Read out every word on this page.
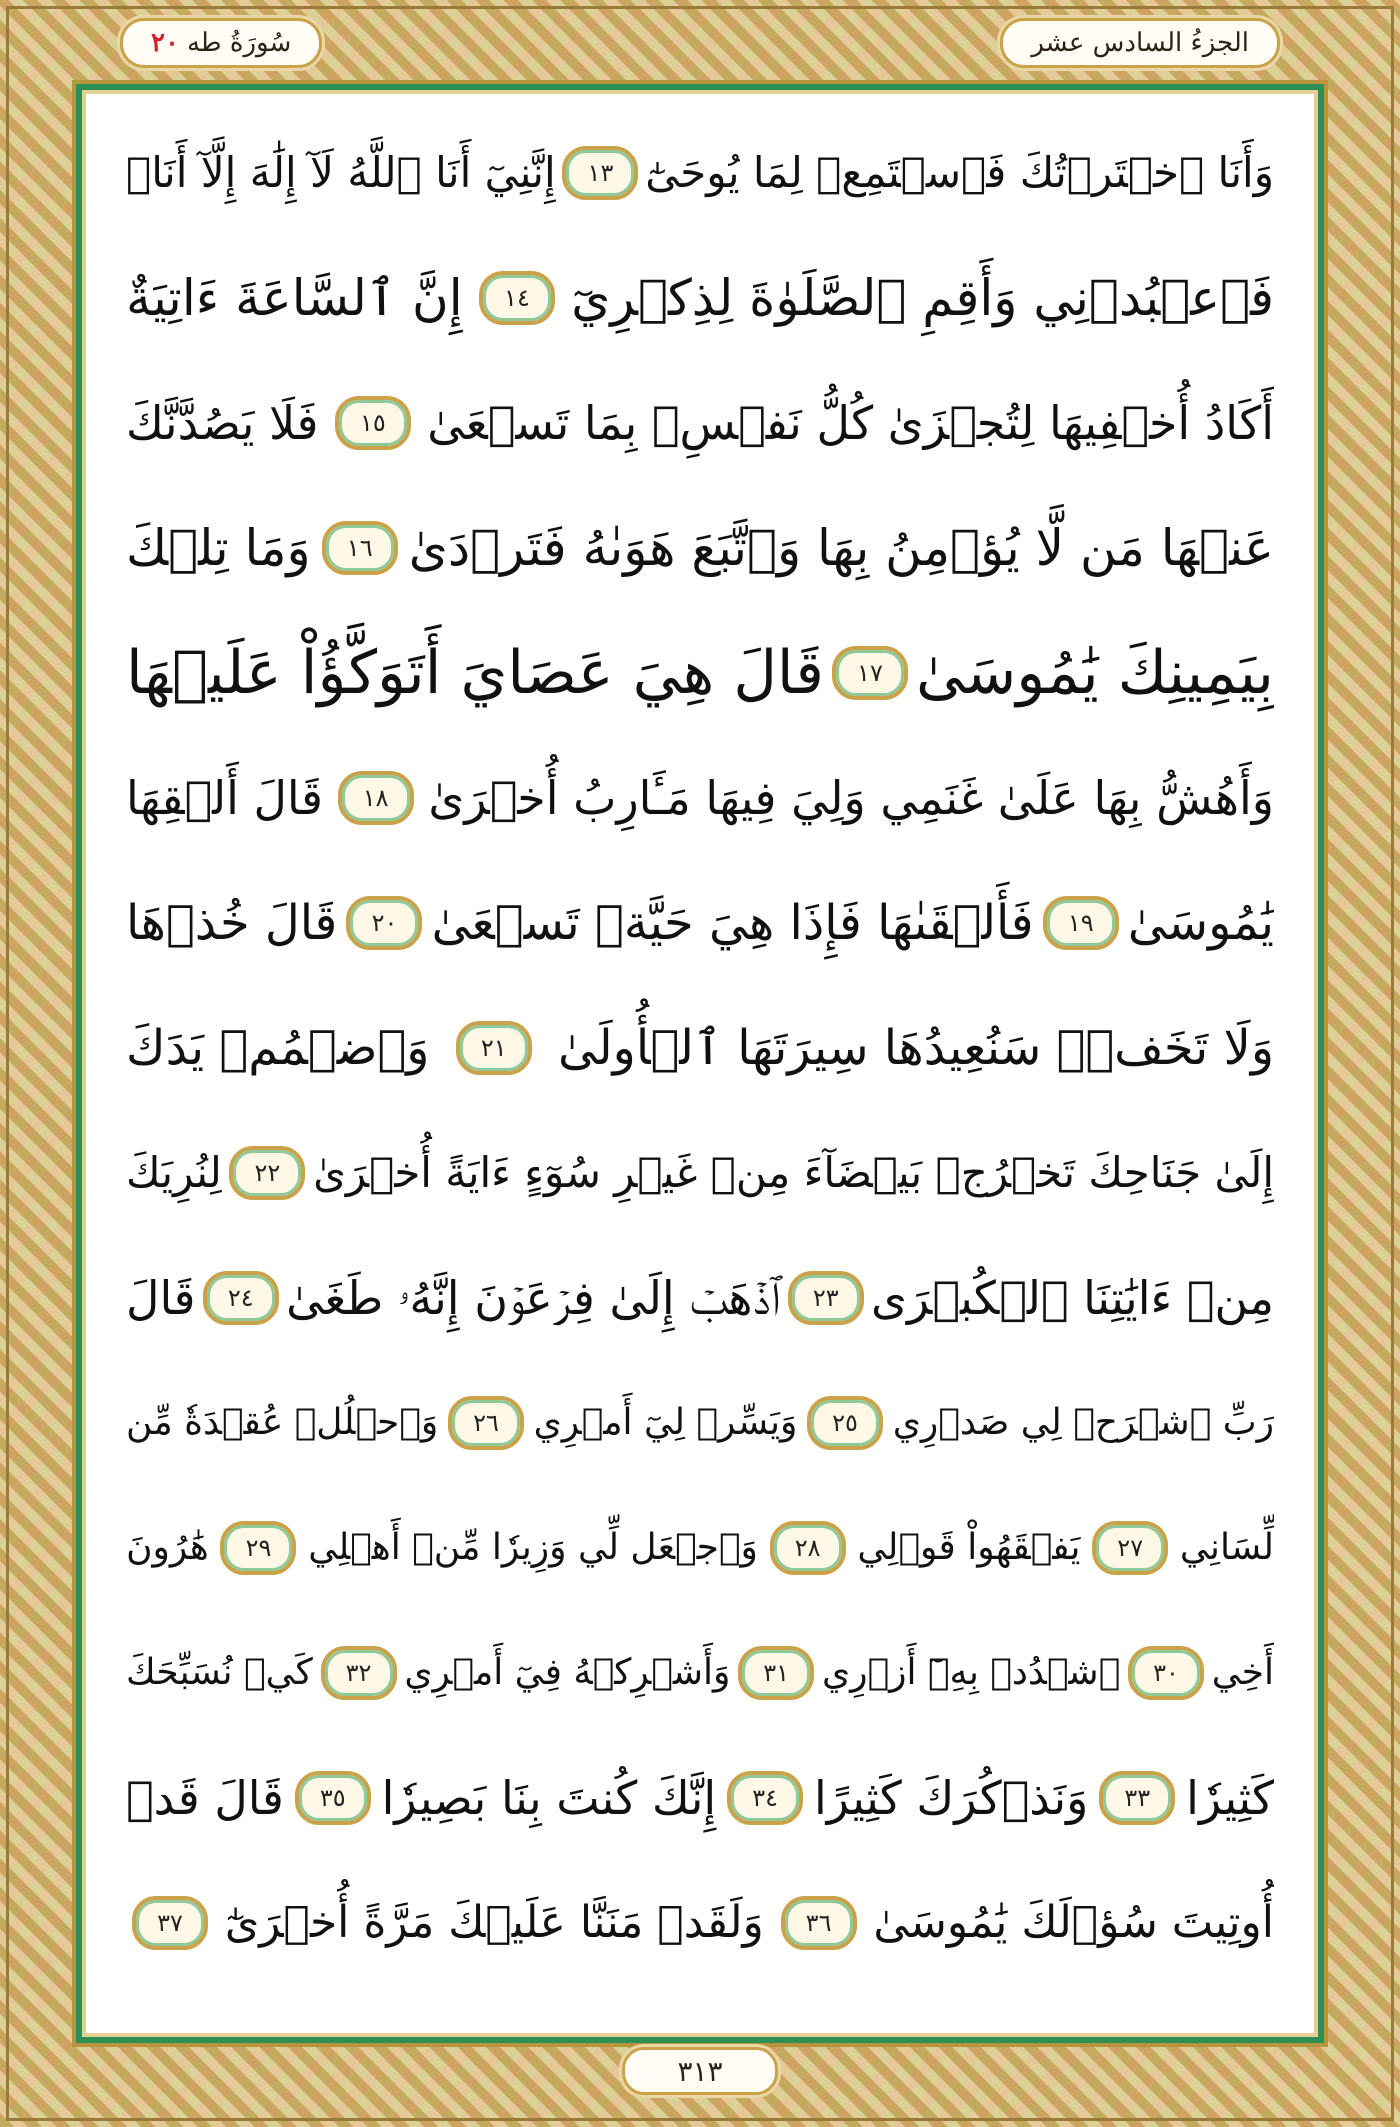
الجزءُ السادس عشر
سُورَةُ طه
٢٠
وَأَنَا ٱخۡتَرۡتُكَ فَٱسۡتَمِعۡ لِمَا يُوحَىٰٓ
١٣
إِنَّنِيٓ أَنَا ٱللَّهُ لَآ إِلَٰهَ إِلَّآ أَنَا۠
فَٱعۡبُدۡنِي وَأَقِمِ ٱلصَّلَوٰةَ لِذِكۡرِيٓ
١٤
إِنَّ ٱلسَّاعَةَ ءَاتِيَةٌ
أَكَادُ أُخۡفِيهَا لِتُجۡزَىٰ كُلُّ نَفۡسِۭ بِمَا تَسۡعَىٰ
١٥
فَلَا يَصُدَّنَّكَ
عَنۡهَا مَن لَّا يُؤۡمِنُ بِهَا وَٱتَّبَعَ هَوَىٰهُ فَتَرۡدَىٰ
١٦
وَمَا تِلۡكَ
بِيَمِينِكَ يَٰمُوسَىٰ
١٧
قَالَ هِيَ عَصَايَ أَتَوَكَّؤُاْ عَلَيۡهَا
وَأَهُشُّ بِهَا عَلَىٰ غَنَمِي وَلِيَ فِيهَا مَـَٔارِبُ أُخۡرَىٰ
١٨
قَالَ أَلۡقِهَا
يَٰمُوسَىٰ
١٩
فَأَلۡقَىٰهَا فَإِذَا هِيَ حَيَّةٞ تَسۡعَىٰ
٢٠
قَالَ خُذۡهَا
وَلَا تَخَفۡۖ سَنُعِيدُهَا سِيرَتَهَا ٱلۡأُولَىٰ
٢١
وَٱضۡمُمۡ يَدَكَ
إِلَىٰ جَنَاحِكَ تَخۡرُجۡ بَيۡضَآءَ مِنۡ غَيۡرِ سُوٓءٍ ءَايَةً أُخۡرَىٰ
٢٢
لِنُرِيَكَ
مِنۡ ءَايَٰتِنَا ٱلۡكُبۡرَى
٢٣
ٱذۡهَبۡ إِلَىٰ فِرۡعَوۡنَ إِنَّهُۥ طَغَىٰ
٢٤
قَالَ
رَبِّ ٱشۡرَحۡ لِي صَدۡرِي
٢٥
وَيَسِّرۡ لِيٓ أَمۡرِي
٢٦
وَٱحۡلُلۡ عُقۡدَةٗ مِّن
لِّسَانِي
٢٧
يَفۡقَهُواْ قَوۡلِي
٢٨
وَٱجۡعَل لِّي وَزِيرٗا مِّنۡ أَهۡلِي
٢٩
هَٰرُونَ
أَخِي
٣٠
ٱشۡدُدۡ بِهِۦٓ أَزۡرِي
٣١
وَأَشۡرِكۡهُ فِيٓ أَمۡرِي
٣٢
كَيۡ نُسَبِّحَكَ
كَثِيرٗا
٣٣
وَنَذۡكُرَكَ كَثِيرًا
٣٤
إِنَّكَ كُنتَ بِنَا بَصِيرٗا
٣٥
قَالَ قَدۡ
أُوتِيتَ سُؤۡلَكَ يَٰمُوسَىٰ
٣٦
وَلَقَدۡ مَنَنَّا عَلَيۡكَ مَرَّةً أُخۡرَىٰٓ
٣٧
٣١٣
